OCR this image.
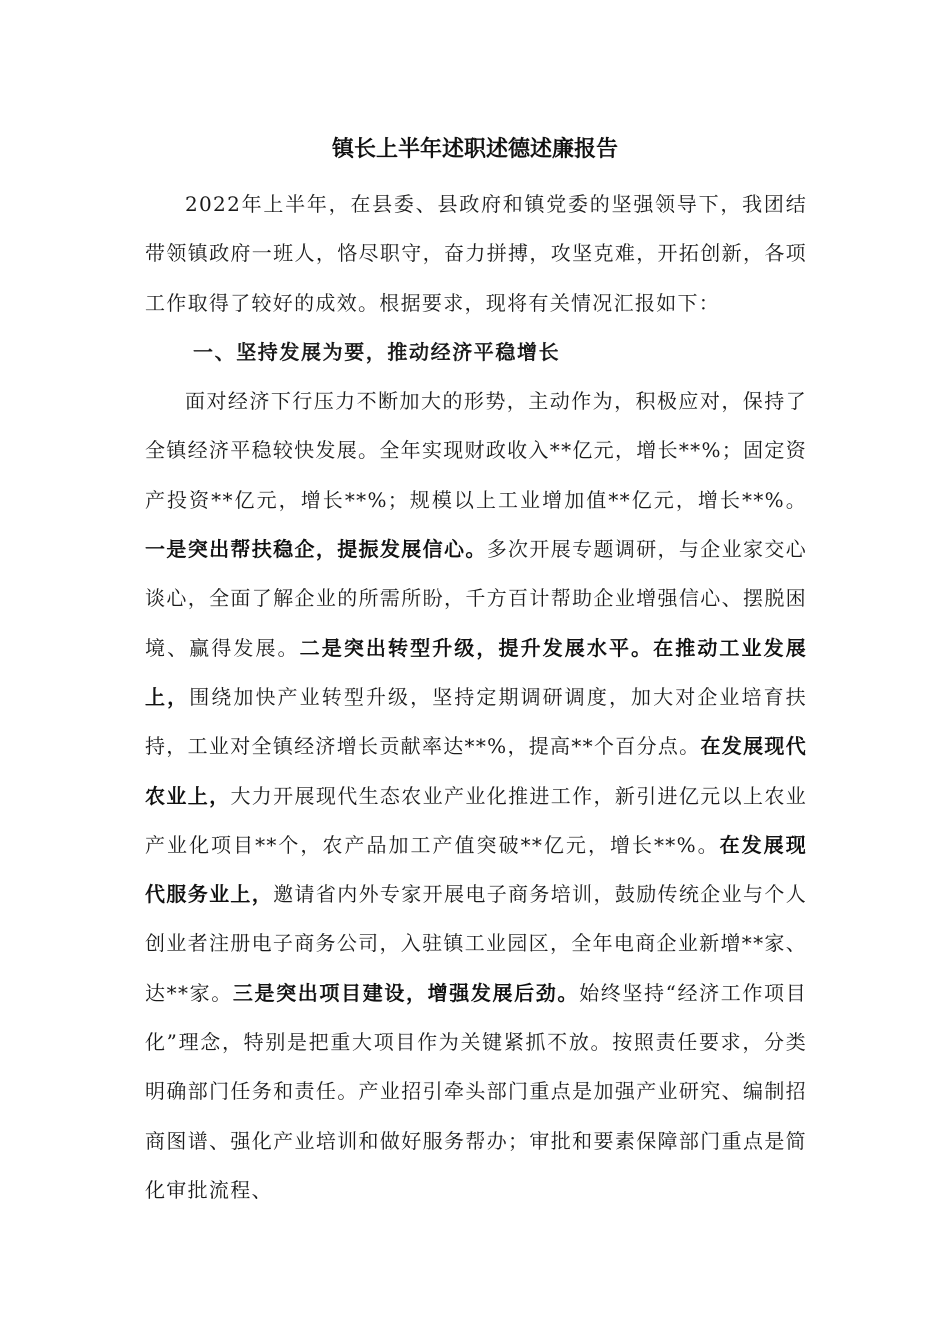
镇长上半年述职述德述廉报告

2022年上半年，在县委、县政府和镇党委的坚强领导下，我团结带领镇政府一班人，恪尽职守，奋力拼搏，攻坚克难，开拓创新，各项工作取得了较好的成效。根据要求，现将有关情况汇报如下：

一、坚持发展为要，推动经济平稳增长

面对经济下行压力不断加大的形势，主动作为，积极应对，保持了全镇经济平稳较快发展。全年实现财政收入**亿元，增长**%；固定资产投资**亿元，增长**%；规模以上工业增加值**亿元，增长**%。一是突出帮扶稳企，提振发展信心。多次开展专题调研，与企业家交心谈心，全面了解企业的所需所盼，千方百计帮助企业增强信心、摆脱困境、赢得发展。二是突出转型升级，提升发展水平。在推动工业发展上，围绕加快产业转型升级，坚持定期调研调度，加大对企业培育扶持，工业对全镇经济增长贡献率达**%，提高**个百分点。在发展现代农业上，大力开展现代生态农业产业化推进工作，新引进亿元以上农业产业化项目**个，农产品加工产值突破**亿元，增长**%。在发展现代服务业上，邀请省内外专家开展电子商务培训，鼓励传统企业与个人创业者注册电子商务公司，入驻镇工业园区，全年电商企业新增**家、达**家。三是突出项目建设，增强发展后劲。始终坚持“经济工作项目化”理念，特别是把重大项目作为关键紧抓不放。按照责任要求，分类明确部门任务和责任。产业招引牵头部门重点是加强产业研究、编制招商图谱、强化产业培训和做好服务帮办；审批和要素保障部门重点是简化审批流程、
